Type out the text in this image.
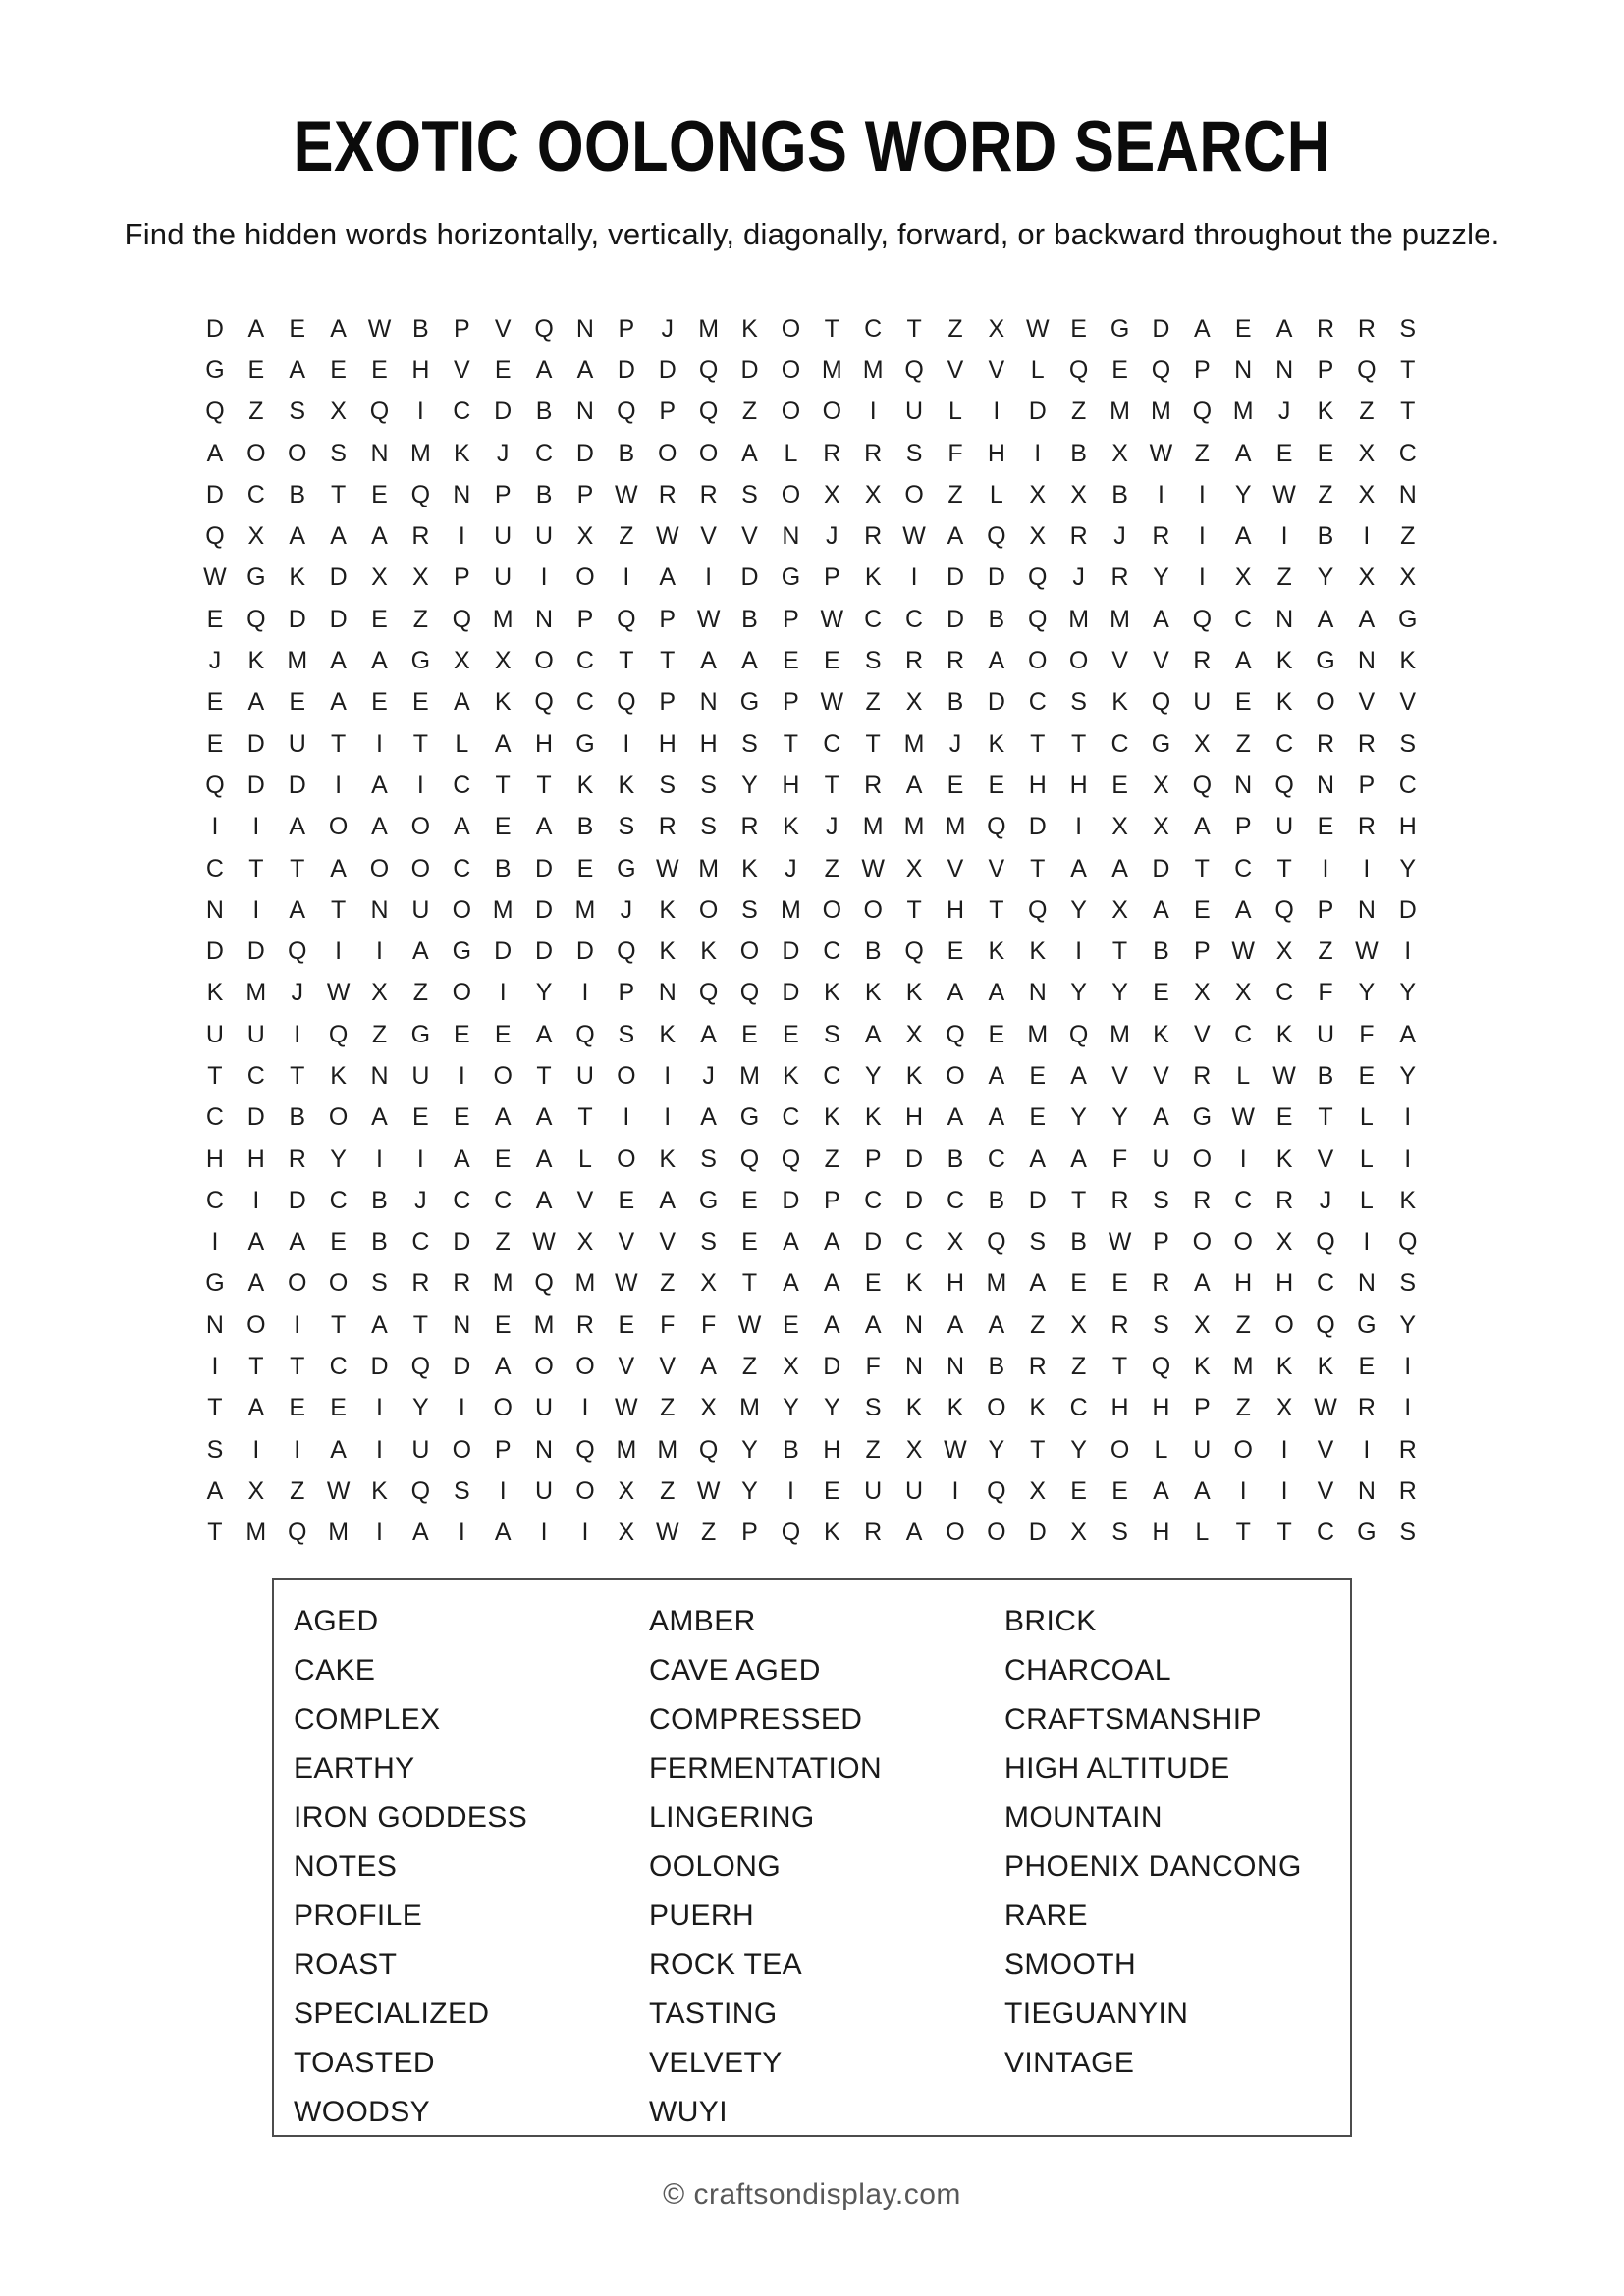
EXOTIC OOLONGS WORD SEARCH

Find the hidden words horizontally, vertically, diagonally, forward, or backward throughout the puzzle.

D A	E	A W B	P	V Q N P	J	M K O T	C	T	Z	X W E G D A	E	A R R S
G E	A	E	E H V	E	A	A D D Q D O M M Q V	V	L	Q E Q P N N P Q T
Q Z	S	X Q	I	C D B N Q P Q Z O O	I	U	L	I	D	Z M M Q M	J	K	Z	T
A O O S N M K	J	C D B O O A	L	R R S	F	H	I	B	X W Z	A	E	E	X C
D C B	T	E Q N P	B	P W R R S O X	X O Z	L	X	X	B	I	I	Y W Z	X N
Q X	A	A	A R	I	U U X	Z W V	V N	J	R W A Q X R	J	R	I	A	I	B	I	Z
W G K D X	X	P U	I	O	I	A	I	D G P	K	I	D D Q	J	R Y	I	X	Z	Y	X	X
E Q D D E	Z Q M N P Q P W B	P W C C D B Q M M A Q C N A	A G
J	K M A	A G X	X O C	T	T	A	A	E	E	S R R A O O V	V R A	K G N K
E	A	E	A	E	E	A	K Q C Q P N G P W Z	X	B D C S	K Q U E	K O V	V
E D U	T	I	T	L	A H G	I	H H S	T	C	T M	J	K	T	T	C G X	Z	C R R S
Q D D	I	A	I	C	T	T	K	K	S	S	Y H	T	R A	E	E H H E	X Q N Q N P C
I	I	A O A O A	E	A	B	S R S R K	J	M M M Q D	I	X	X	A	P U E R H
C	T	T	A O O C B D E G W M K	J	Z W X	V	V	T	A	A D	T	C	T	I	I	Y
N	I	A	T	N U O M D M	J	K O S M O O T	H	T Q Y	X	A	E	A Q P N D
D D Q	I	I	A G D D D Q K	K O D C B Q E	K	K	I	T	B	P W X	Z W	I
K M	J W X	Z O	I	Y	I	P N Q Q D K	K	K	A	A N Y	Y	E	X	X C	F	Y	Y
U U	I	Q Z G E	E	A Q S	K	A	E	E	S	A	X Q E M Q M K	V C K U	F	A
T	C	T	K N U	I	O T	U O	I	J	M K C Y	K O A	E	A	V	V R	L W B	E	Y
C D B O A	E	E	A	A	T	I	I	A G C K	K H A	A	E	Y	Y	A G W E	T	L	I
H H R Y	I	I	A	E	A	L	O K	S Q Q Z	P D B C A	A	F	U O	I	K	V	L	I
C	I	D C B	J	C C A	V	E	A G E D P C D C B D	T	R S R C R	J	L	K
I	A	A	E	B C D	Z W X	V	V	S	E	A	A D C X Q S	B W P O O X Q	I	Q
G A O O S R R M Q M W Z	X	T	A	A	E	K H M A	E	E R A H H C N S
N O	I	T	A	T	N E M R E	F	F W E	A	A N A	A	Z	X R S	X	Z O Q G Y
I	T	T	C D Q D A O O V	V	A	Z	X D	F	N N B R	Z	T Q K M K	K	E	I
T	A	E	E	I	Y	I	O U	I	W Z	X M Y	Y	S	K	K O K C H H P	Z	X W R	I
S	I	I	A	I	U O P N Q M M Q Y	B H	Z	X W Y	T	Y O	L	U O	I	V	I	R
A	X	Z W K Q S	I	U O X	Z W Y	I	E U U	I	Q X	E	E	A	A	I	I	V N R
T M Q M	I	A	I	A	I	I	X W Z	P Q K R A O O D X	S H	L	T	T	C G S
AGED
CAKE
COMPLEX
EARTHY
IRON GODDESS
NOTES
PROFILE
ROAST
SPECIALIZED
TOASTED
WOODSY
AMBER
CAVE AGED
COMPRESSED
FERMENTATION
LINGERING
OOLONG
PUERH
ROCK TEA
TASTING
VELVETY
WUYI
BRICK
CHARCOAL
CRAFTSMANSHIP
HIGH ALTITUDE
MOUNTAIN
PHOENIX DANCONG
RARE
SMOOTH
TIEGUANYIN
VINTAGE
© craftsondisplay.com
